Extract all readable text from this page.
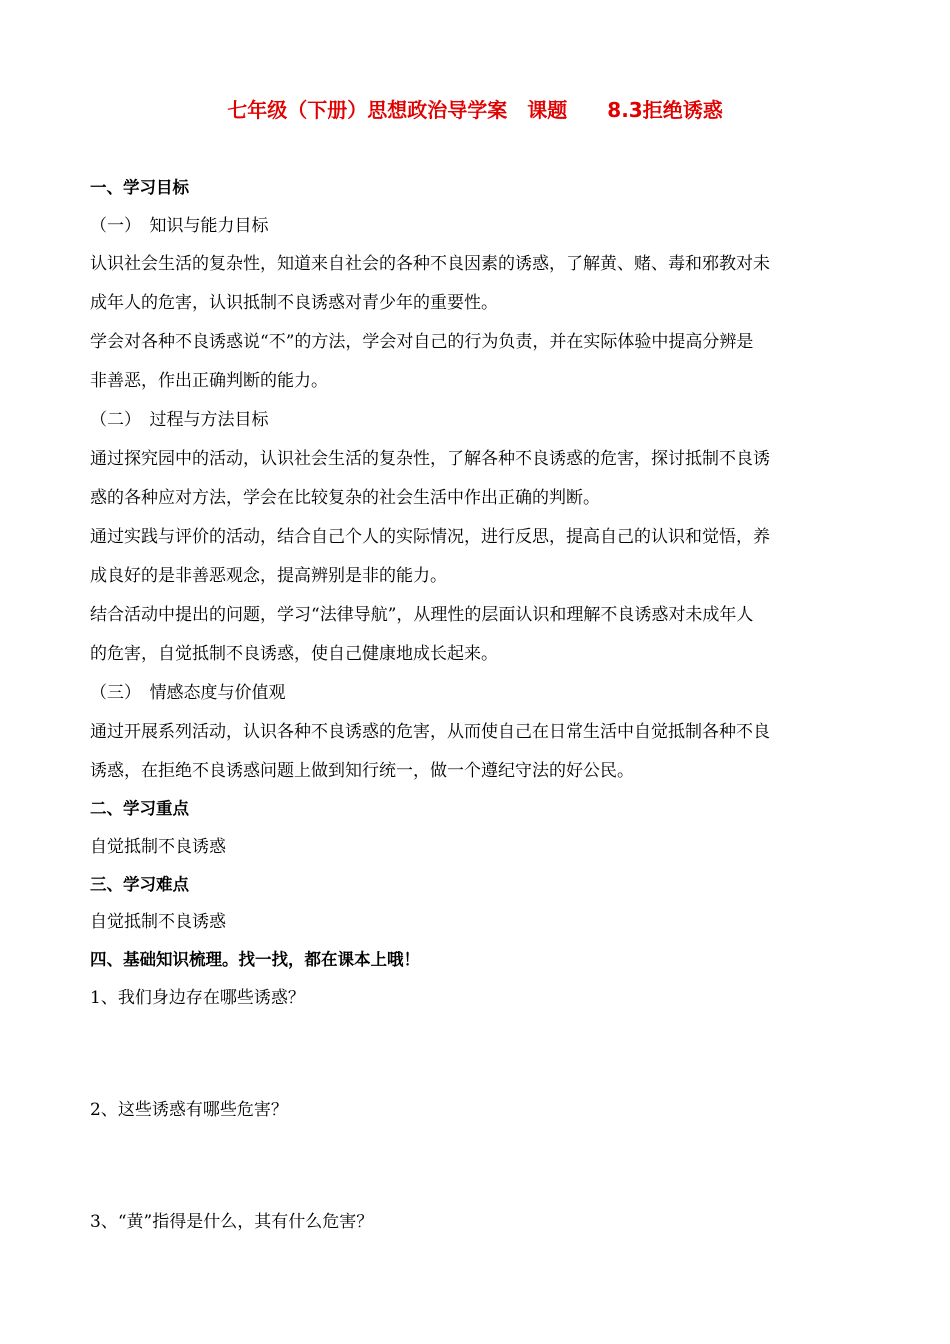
七年级（下册）思想政治导学案　课题　　8.3拒绝诱惑
一、学习目标
（一）　知识与能力目标
认识社会生活的复杂性，知道来自社会的各种不良因素的诱惑，了解黄、赌、毒和邪教对未
成年人的危害，认识抵制不良诱惑对青少年的重要性。
学会对各种不良诱惑说“不”的方法，学会对自己的行为负责，并在实际体验中提高分辨是
非善恶，作出正确判断的能力。
（二）　过程与方法目标
通过探究园中的活动，认识社会生活的复杂性，了解各种不良诱惑的危害，探讨抵制不良诱
惑的各种应对方法，学会在比较复杂的社会生活中作出正确的判断。
通过实践与评价的活动，结合自己个人的实际情况，进行反思，提高自己的认识和觉悟，养
成良好的是非善恶观念，提高辨别是非的能力。
结合活动中提出的问题，学习“法律导航”，从理性的层面认识和理解不良诱惑对未成年人
的危害，自觉抵制不良诱惑，使自己健康地成长起来。
（三）　情感态度与价值观
通过开展系列活动，认识各种不良诱惑的危害，从而使自己在日常生活中自觉抵制各种不良
诱惑，在拒绝不良诱惑问题上做到知行统一，做一个遵纪守法的好公民。
二、学习重点
自觉抵制不良诱惑
三、学习难点
自觉抵制不良诱惑
四、基础知识梳理。找一找，都在课本上哦！
1、我们身边存在哪些诱惑？
2、这些诱惑有哪些危害？
3、“黄”指得是什么，其有什么危害？
